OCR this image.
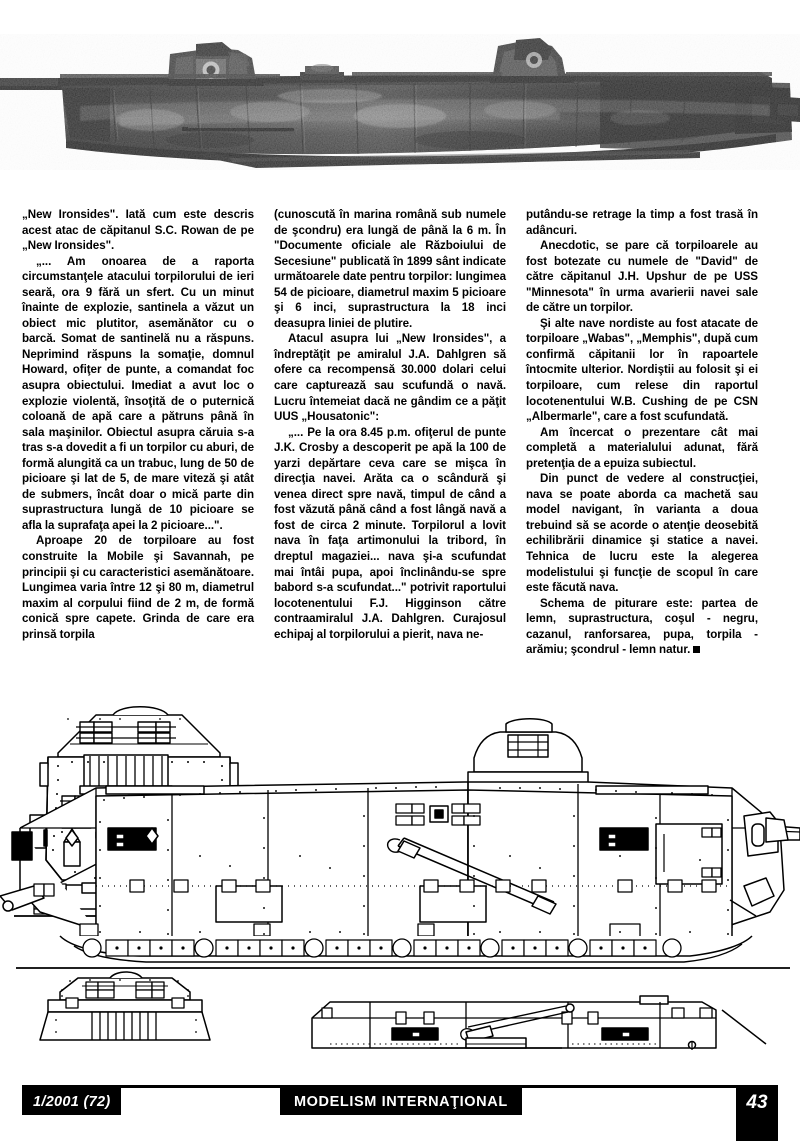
„New Ironsides". Iată cum este descris acest atac de căpitanul S.C. Rowan de pe „New Ironsides".

„... Am onoarea de a raporta circumstanţele atacului torpilorului de ieri seară, ora 9 fără un sfert. Cu un minut înainte de explozie, santinela a văzut un obiect mic plutitor, asemănător cu o barcă. Somat de santinelă nu a răspuns. Neprimind răspuns la somaţie, domnul Howard, ofiţer de punte, a comandat foc asupra obiectului. Imediat a avut loc o explozie violentă, însoţită de o puternică coloană de apă care a pătruns până în sala maşinilor. Obiectul asupra căruia s-a tras s-a dovedit a fi un torpilor cu aburi, de formă alungită ca un trabuc, lung de 50 de picioare şi lat de 5, de mare viteză şi atât de submers, încât doar o mică parte din suprastructura lungă de 10 picioare se afla la suprafaţa apei la 2 picioare...".

Aproape 20 de torpiloare au fost construite la Mobile şi Savannah, pe principii şi cu caracteristici asemănătoare. Lungimea varia între 12 şi 80 m, diametrul maxim al corpului fiind de 2 m, de formă conică spre capete. Grinda de care era prinsă torpila

(cunoscută în marina română sub numele de şcondru) era lungă de până la 6 m. În "Documente oficiale ale Războiului de Secesiune" publicată în 1899 sânt indicate următoarele date pentru torpilor: lungimea 54 de picioare, diametrul maxim 5 picioare şi 6 inci, suprastructura la 18 inci deasupra liniei de plutire.

Atacul asupra lui „New Ironsides", a îndreptăţit pe amiralul J.A. Dahlgren să ofere ca recompensă 30.000 dolari celui care capturează sau scufundă o navă. Lucru întemeiat dacă ne gândim ce a păţit UUS „Housatonic":

„... Pe la ora 8.45 p.m. ofiţerul de punte J.K. Crosby a descoperit pe apă la 100 de yarzi depărtare ceva care se mişca în direcţia navei. Arăta ca o scândură şi venea direct spre navă, timpul de când a fost văzută până când a fost lângă navă a fost de circa 2 minute. Torpilorul a lovit nava în faţa artimonului la tribord, în dreptul magaziei... nava şi-a scufundat mai întâi pupa, apoi înclinându-se spre babord s-a scufundat..." potrivit raportului locotenentului F.J. Higginson către contraamiralul J.A. Dahlgren. Curajosul echipaj al torpilorului a pierit, nava ne-

putându-se retrage la timp a fost trasă în adâncuri.

Anecdotic, se pare că torpiloarele au fost botezate cu numele de "David" de către căpitanul J.H. Upshur de pe USS "Minnesota" în urma avarierii navei sale de către un torpilor.

Şi alte nave nordiste au fost atacate de torpiloare „Wabas", „Memphis", după cum confirmă căpitanii lor în rapoartele întocmite ulterior. Nordiştii au folosit şi ei torpiloare, cum relese din raportul locotenentului W.B. Cushing de pe CSN „Albermarle", care a fost scufundată.

Am încercat o prezentare cât mai completă a materialului adunat, fără pretenţia de a epuiza subiectul.

Din punct de vedere al construcţiei, nava se poate aborda ca machetă sau model navigant, în varianta a doua trebuind să se acorde o atenţie deosebită echilibrării dinamice şi statice a navei. Tehnica de lucru este la alegerea modelistului şi funcţie de scopul în care este făcută nava.

Schema de piturare este: partea de lemn, suprastructura, coşul - negru, cazanul, ranforsarea, pupa, torpila - arămiu; şcondrul - lemn natur.

1/2001 (72)	MODELISM INTERNAŢIONAL	43
